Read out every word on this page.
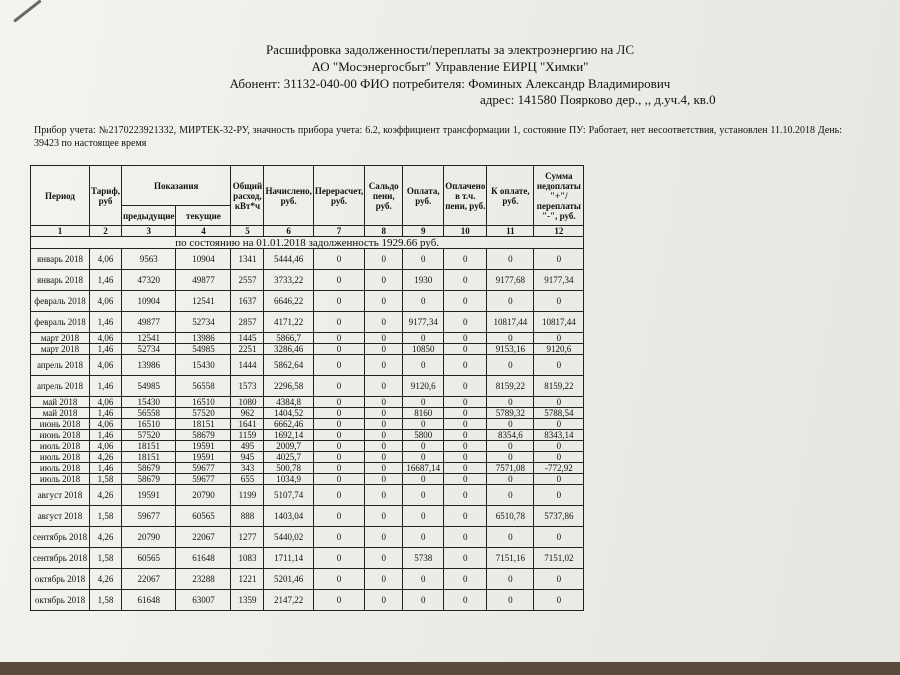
Расшифровка задолженности/переплаты за электроэнергию на ЛС
АО "Мосэнергосбыт" Управление ЕИРЦ "Химки"
Абонент: 31132-040-00 ФИО потребителя: Фоминых Александр Владимирович
адрес: 141580 Поярково дер., ,, д.уч.4, кв.0
Прибор учета: №2170223921332, МИРТЕК-32-РУ, значность прибора учета: 6.2, коэффициент трансформации 1, состояние ПУ: Работает, нет несоответствия, установлен 11.10.2018 День: 39423 по настоящее время
Период	Тариф, руб	Показания		Общий расход, кВт*ч	Начислено, руб.	Перерасчет, руб.	Сальдо пени, руб.	Оплата, руб.	Оплачено в т.ч. пени, руб.	К оплате, руб.	Сумма недоплаты "+"/ переплаты "-", руб.
		предыдущие	текущие								
1	2	3	4	5	6	7	8	9	10	11	12
по состоянию на 01.01.2018 задолженность 1929.66 руб.											
январь 2018	4,06	9563	10904	1341	5444,46	0	0	0	0	0	0
январь 2018	1,46	47320	49877	2557	3733,22	0	0	1930	0	9177,68	9177,34
февраль 2018	4,06	10904	12541	1637	6646,22	0	0	0	0	0	0
февраль 2018	1,46	49877	52734	2857	4171,22	0	0	9177,34	0	10817,44	10817,44
март 2018	4,06	12541	13986	1445	5866,7	0	0	0	0	0	0
март 2018	1,46	52734	54985	2251	3286,46	0	0	10850	0	9153,16	9120,6
апрель 2018	4,06	13986	15430	1444	5862,64	0	0	0	0	0	0
апрель 2018	1,46	54985	56558	1573	2296,58	0	0	9120,6	0	8159,22	8159,22
май 2018	4,06	15430	16510	1080	4384,8	0	0	0	0	0	0
май 2018	1,46	56558	57520	962	1404,52	0	0	8160	0	5789,32	5788,54
июнь 2018	4,06	16510	18151	1641	6662,46	0	0	0	0	0	0
июнь 2018	1,46	57520	58679	1159	1692,14	0	0	5800	0	8354,6	8343,14
июль 2018	4,06	18151	19591	495	2009,7	0	0	0	0	0	0
июль 2018	4,26	18151	19591	945	4025,7	0	0	0	0	0	0
июль 2018	1,46	58679	59677	343	500,78	0	0	16687,14	0	7571,08	-772,92
июль 2018	1,58	58679	59677	655	1034,9	0	0	0	0	0	0
август 2018	4,26	19591	20790	1199	5107,74	0	0	0	0	0	0
август 2018	1,58	59677	60565	888	1403,04	0	0	0	0	6510,78	5737,86
сентябрь 2018	4,26	20790	22067	1277	5440,02	0	0	0	0	0	0
сентябрь 2018	1,58	60565	61648	1083	1711,14	0	0	5738	0	7151,16	7151,02
октябрь 2018	4,26	22067	23288	1221	5201,46	0	0	0	0	0	0
октябрь 2018	1,58	61648	63007	1359	2147,22	0	0	0	0	0	0
